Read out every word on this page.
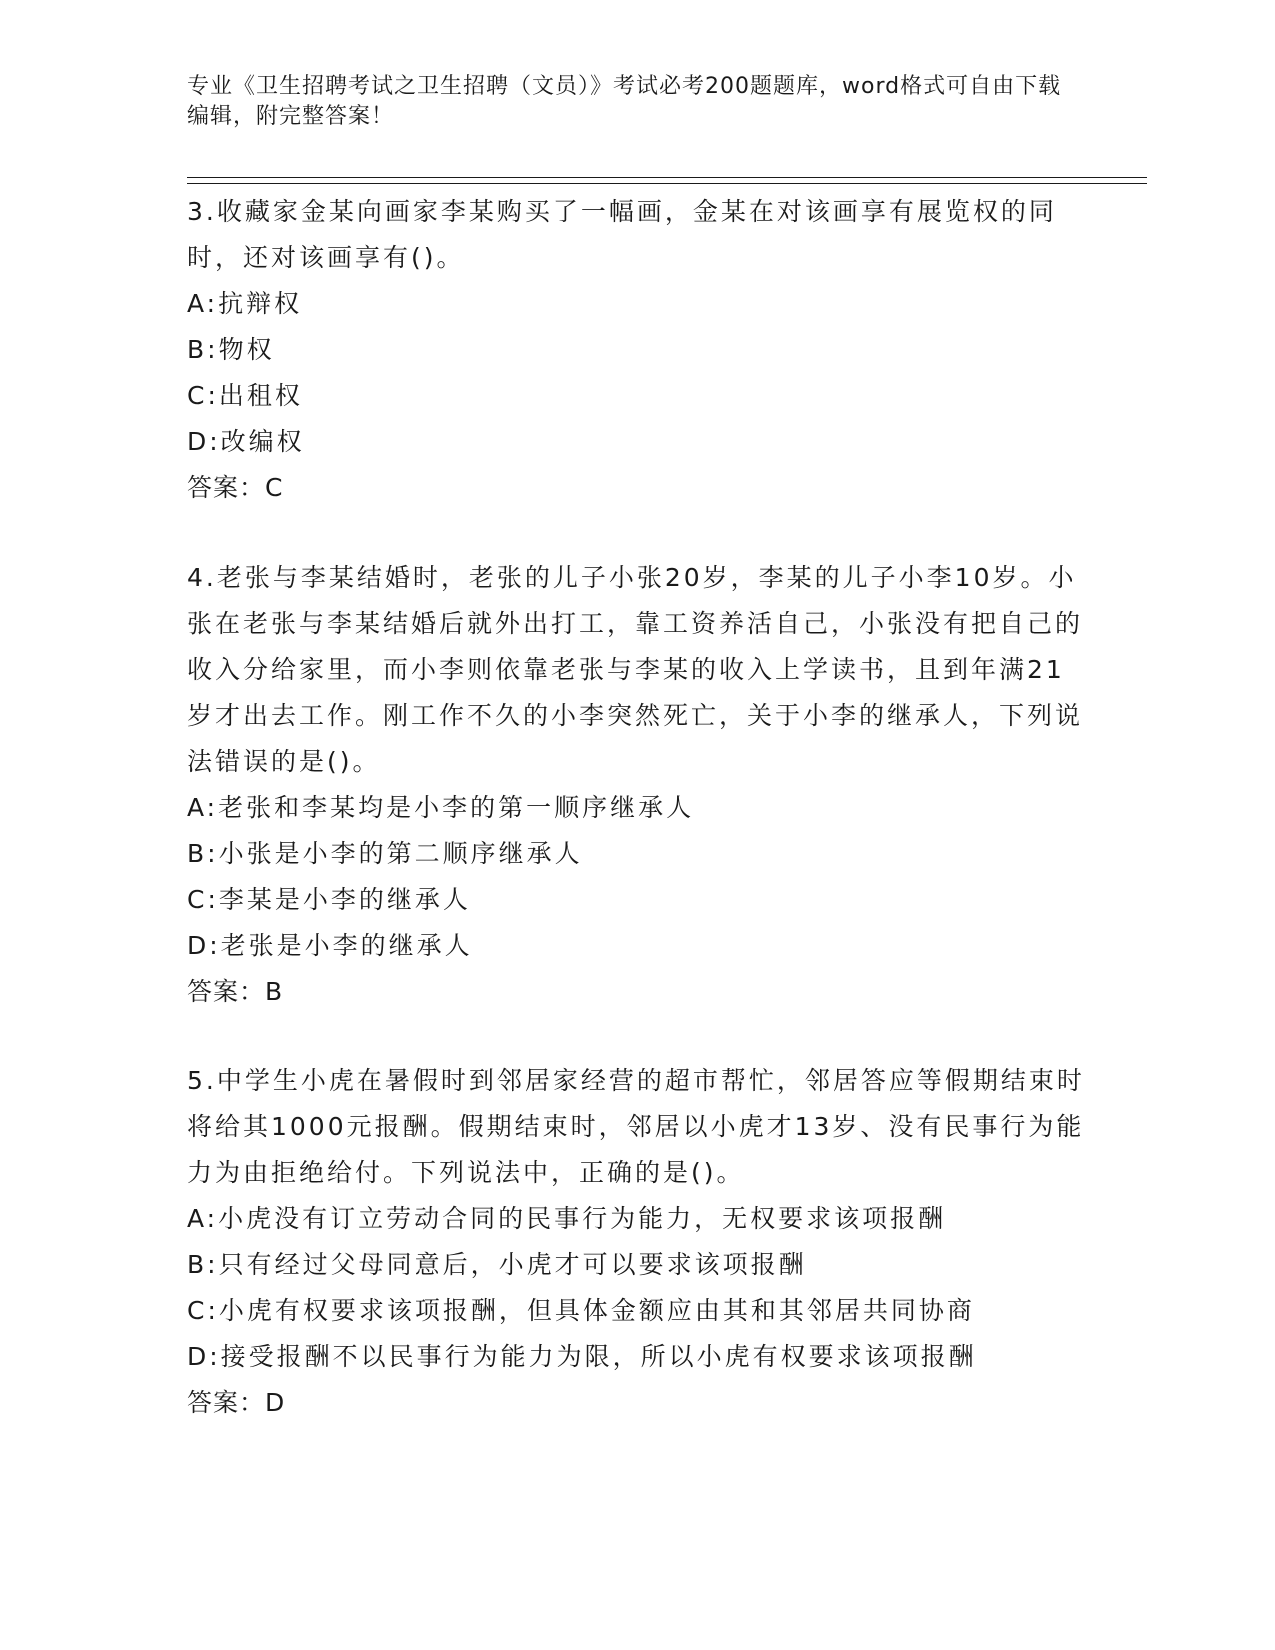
专业《卫生招聘考试之卫生招聘（文员）》考试必考200题题库，word格式可自由下载编辑，附完整答案！

3.收藏家金某向画家李某购买了一幅画，金某在对该画享有展览权的同时，还对该画享有()。

A:抗辩权
B:物权
C:出租权
D:改编权
答案：C

4.老张与李某结婚时，老张的儿子小张20岁，李某的儿子小李10岁。小张在老张与李某结婚后就外出打工，靠工资养活自己，小张没有把自己的收入分给家里，而小李则依靠老张与李某的收入上学读书，且到年满21岁才出去工作。刚工作不久的小李突然死亡，关于小李的继承人，下列说法错误的是()。

A:老张和李某均是小李的第一顺序继承人
B:小张是小李的第二顺序继承人
C:李某是小李的继承人
D:老张是小李的继承人
答案：B

5.中学生小虎在暑假时到邻居家经营的超市帮忙，邻居答应等假期结束时将给其1000元报酬。假期结束时，邻居以小虎才13岁、没有民事行为能力为由拒绝给付。下列说法中，正确的是()。

A:小虎没有订立劳动合同的民事行为能力，无权要求该项报酬
B:只有经过父母同意后，小虎才可以要求该项报酬
C:小虎有权要求该项报酬，但具体金额应由其和其邻居共同协商
D:接受报酬不以民事行为能力为限，所以小虎有权要求该项报酬
答案：D
